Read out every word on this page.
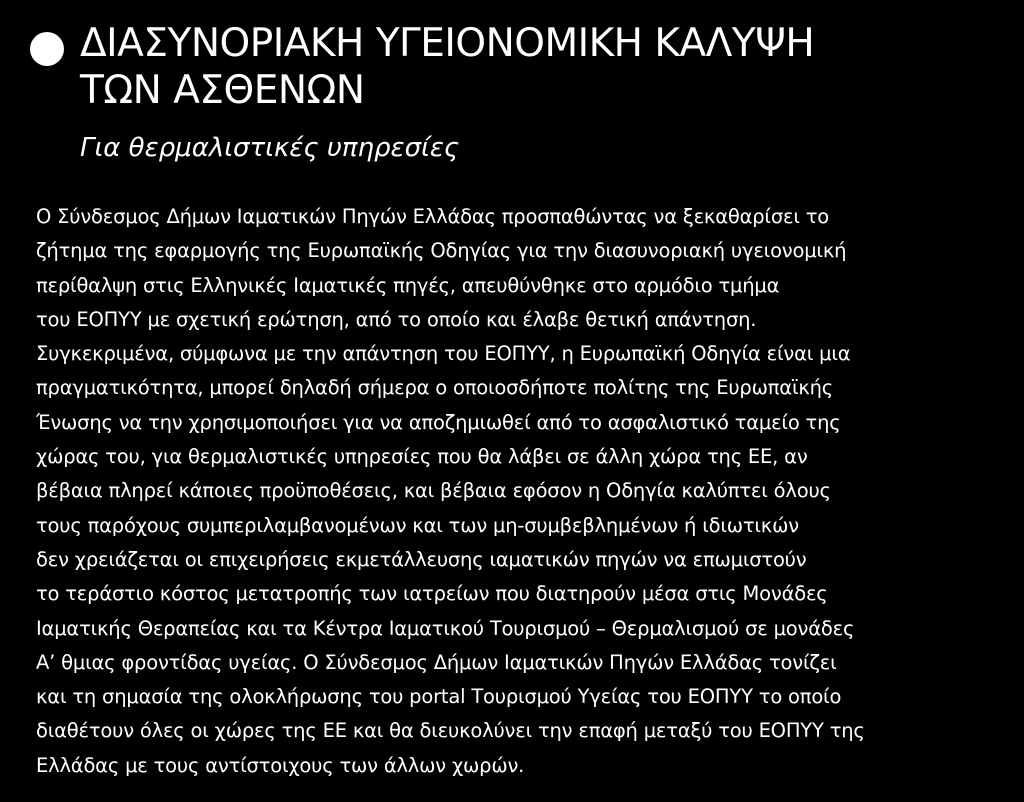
ΔΙΑΣΥΝΟΡΙΑΚΗ ΥΓΕΙΟΝΟΜΙΚΗ ΚΑΛΥΨΗ
ΤΩΝ ΑΣΘΕΝΩΝ
Για θερμαλιστικές υπηρεσίες

Ο Σύνδεσμος Δήμων Ιαματικών Πηγών Ελλάδας προσπαθώντας να ξεκαθαρίσει το
ζήτημα της εφαρμογής της Ευρωπαϊκής Οδηγίας για την διασυνοριακή υγειονομική
περίθαλψη στις Ελληνικές Ιαματικές πηγές, απευθύνθηκε στο αρμόδιο τμήμα
του ΕΟΠΥΥ με σχετική ερώτηση, από το οποίο και έλαβε θετική απάντηση.
Συγκεκριμένα, σύμφωνα με την απάντηση του ΕΟΠΥΥ, η Ευρωπαϊκή Οδηγία είναι μια
πραγματικότητα, μπορεί δηλαδή σήμερα ο οποιοσδήποτε πολίτης της Ευρωπαϊκής
Ένωσης να την χρησιμοποιήσει για να αποζημιωθεί από το ασφαλιστικό ταμείο της
χώρας του, για θερμαλιστικές υπηρεσίες που θα λάβει σε άλλη χώρα της ΕΕ, αν
βέβαια πληρεί κάποιες προϋποθέσεις, και βέβαια εφόσον η Οδηγία καλύπτει όλους
τους παρόχους συμπεριλαμβανομένων και των μη-συμβεβλημένων ή ιδιωτικών
δεν χρειάζεται οι επιχειρήσεις εκμετάλλευσης ιαματικών πηγών να επωμιστούν
το τεράστιο κόστος μετατροπής των ιατρείων που διατηρούν μέσα στις Μονάδες
Ιαματικής Θεραπείας και τα Κέντρα Ιαματικού Τουρισμού – Θερμαλισμού σε μονάδες
Α’ θμιας φροντίδας υγείας. Ο Σύνδεσμος Δήμων Ιαματικών Πηγών Ελλάδας τονίζει
και τη σημασία της ολοκλήρωσης του portal Τουρισμού Υγείας του ΕΟΠΥΥ το οποίο
διαθέτουν όλες οι χώρες της ΕΕ και θα διευκολύνει την επαφή μεταξύ του ΕΟΠΥΥ της
Ελλάδας με τους αντίστοιχους των άλλων χωρών.
